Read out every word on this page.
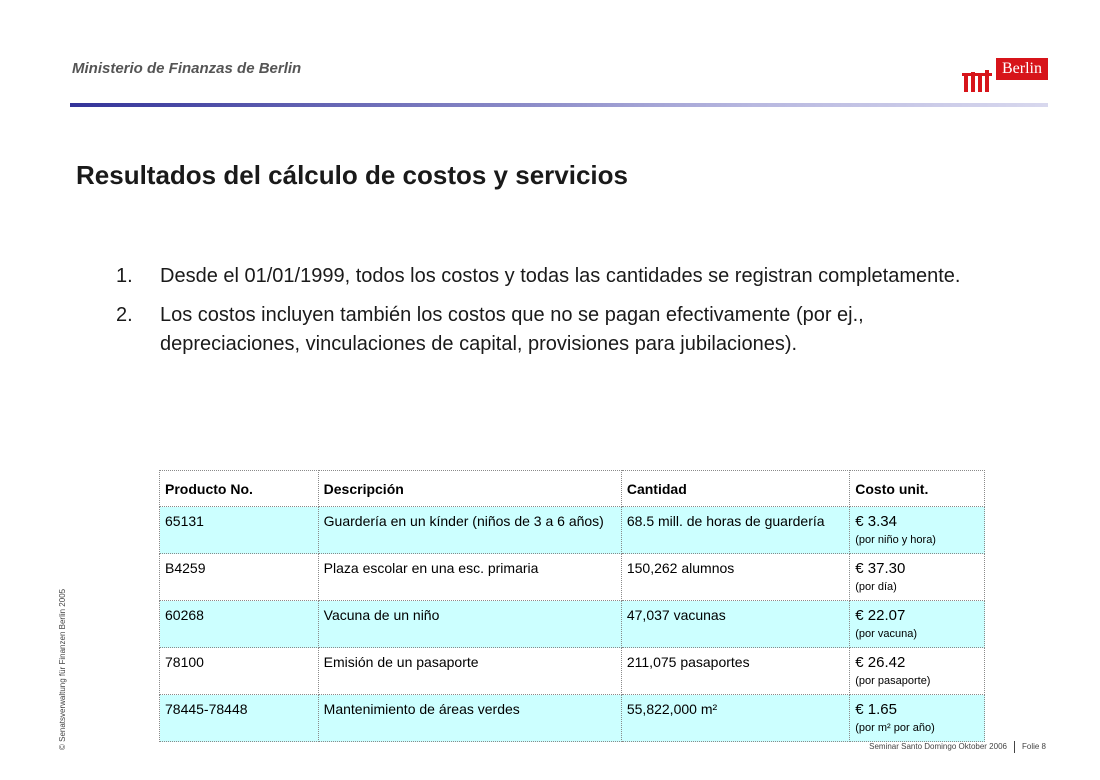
Ministerio de Finanzas de Berlin	Berlin
Resultados del cálculo de costos y servicios
1. Desde el 01/01/1999, todos los costos y todas las cantidades se registran completamente.
2. Los costos incluyen también los costos que no se pagan efectivamente (por ej., depreciaciones, vinculaciones de capital, provisiones para jubilaciones).
Producto No.	Descripción	Cantidad	Costo unit.
65131	Guardería en un kínder (niños de 3 a 6 años)	68.5 mill. de horas de guardería	€ 3.34
(por niño y hora)

B4259	Plaza escolar en una esc. primaria	150,262 alumnos	€ 37.30
(por día)

60268	Vacuna de un niño	47,037 vacunas	€ 22.07
(por vacuna)

78100	Emisión de un pasaporte	211,075 pasaportes	€ 26.42
(por pasaporte)

78445-78448	Mantenimiento de áreas verdes	55,822,000 m²	€ 1.65
(por m² por año)
© Senatsverwaltung für Finanzen Berlin 2005	Seminar Santo Domingo Oktober 2006 Folie 8
